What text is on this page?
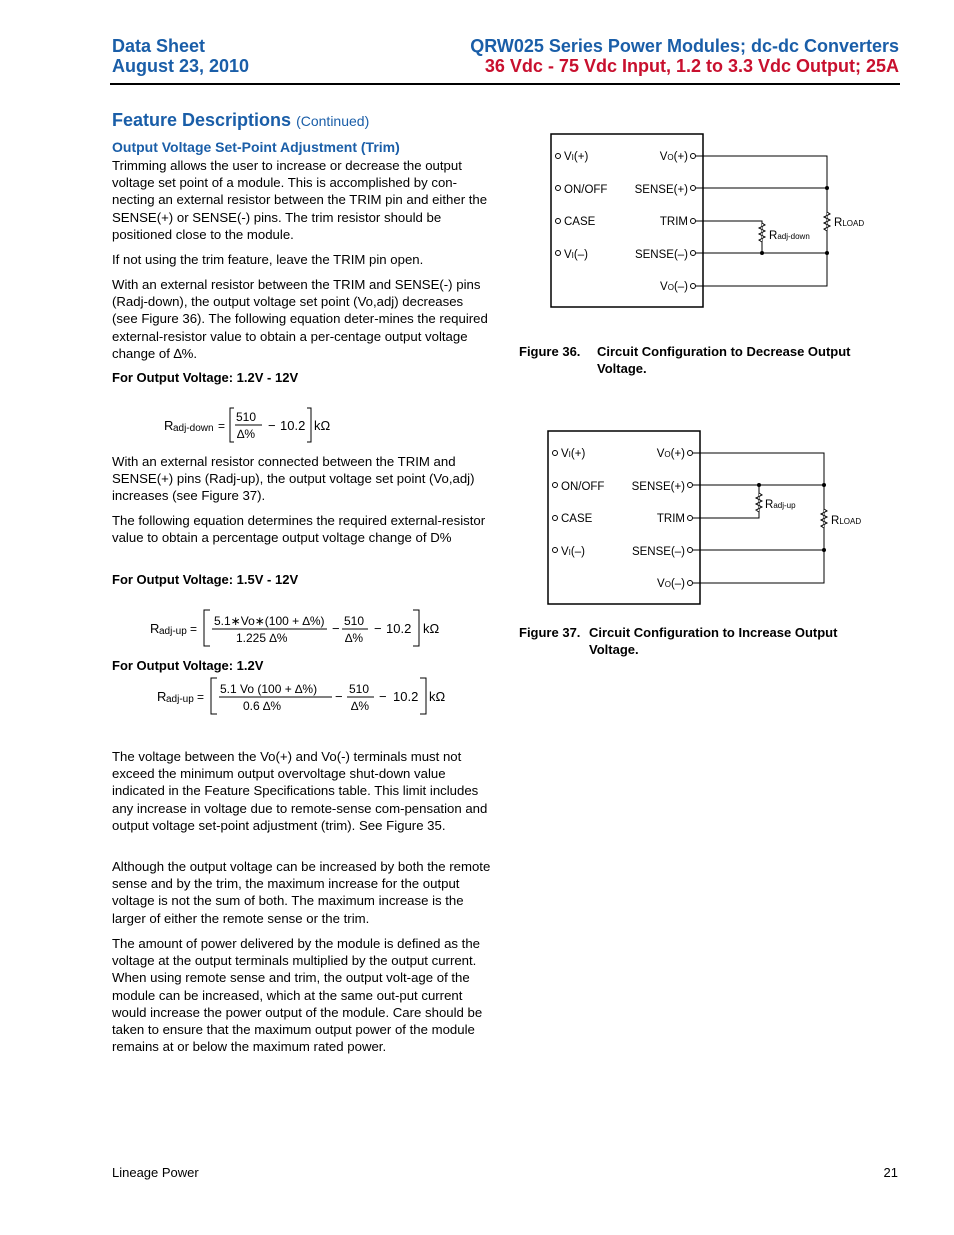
Data Sheet
August 23, 2010
QRW025 Series Power Modules; dc-dc Converters
36 Vdc - 75 Vdc Input, 1.2 to 3.3 Vdc Output; 25A
Feature Descriptions (Continued)
Output Voltage Set-Point Adjustment (Trim)

Trimming allows the user to increase or decrease the output voltage set point of a module. This is accomplished by con-necting an external resistor between the TRIM pin and either the SENSE(+) or SENSE(-) pins. The trim resistor should be positioned close to the module.

If not using the trim feature, leave the TRIM pin open.

With an external resistor between the TRIM and SENSE(-) pins (Radj-down), the output voltage set point (Vo,adj) decreases (see Figure 36). The following equation deter-mines the required external-resistor value to obtain a per-centage output voltage change of ∆%.

For Output Voltage: 1.2V - 12V
R adj-down =
510
∆%
− 10.2 kΩ

With an external resistor connected between the TRIM and SENSE(+) pins (Radj-up), the output voltage set point (Vo,adj) increases (see Figure 37).

The following equation determines the required external-resistor value to obtain a percentage output voltage change of D%

For Output Voltage: 1.5V - 12V
R adj-up =
5.1∗Vo∗(100 + ∆%)
1.225 ∆%
− 510
∆%
− 10.2 kΩ
For Output Voltage: 1.2V
R adj-up =
5.1 Vo (100 + ∆%)
0.6 ∆%
− 510
∆%
− 10.2 kΩ

The voltage between the Vo(+) and Vo(-) terminals must not exceed the minimum output overvoltage shut-down value indicated in the Feature Specifications table. This limit includes any increase in voltage due to remote-sense com-pensation and output voltage set-point adjustment (trim). See Figure 35.

Although the output voltage can be increased by both the remote sense and by the trim, the maximum increase for the output voltage is not the sum of both. The maximum increase is the larger of either the remote sense or the trim.

The amount of power delivered by the module is defined as the voltage at the output terminals multiplied by the output current. When using remote sense and trim, the output volt-age of the module can be increased, which at the same out-put current would increase the power output of the module. Care should be taken to ensure that the maximum output power of the module remains at or below the maximum rated power.

VI(+)
ON/OFF
CASE
VI(–)
VO(+)
SENSE(+)
TRIM
SENSE(–)
VO(–)
Radj-down
RLOAD
Figure 36. Circuit Configuration to Decrease Output Voltage.
VI(+)
ON/OFF
CASE
VI(–)
VO(+)
SENSE(+)
TRIM
SENSE(–)
VO(–)
Radj-up
RLOAD
Figure 37. Circuit Configuration to Increase Output Voltage.
Lineage Power	21
